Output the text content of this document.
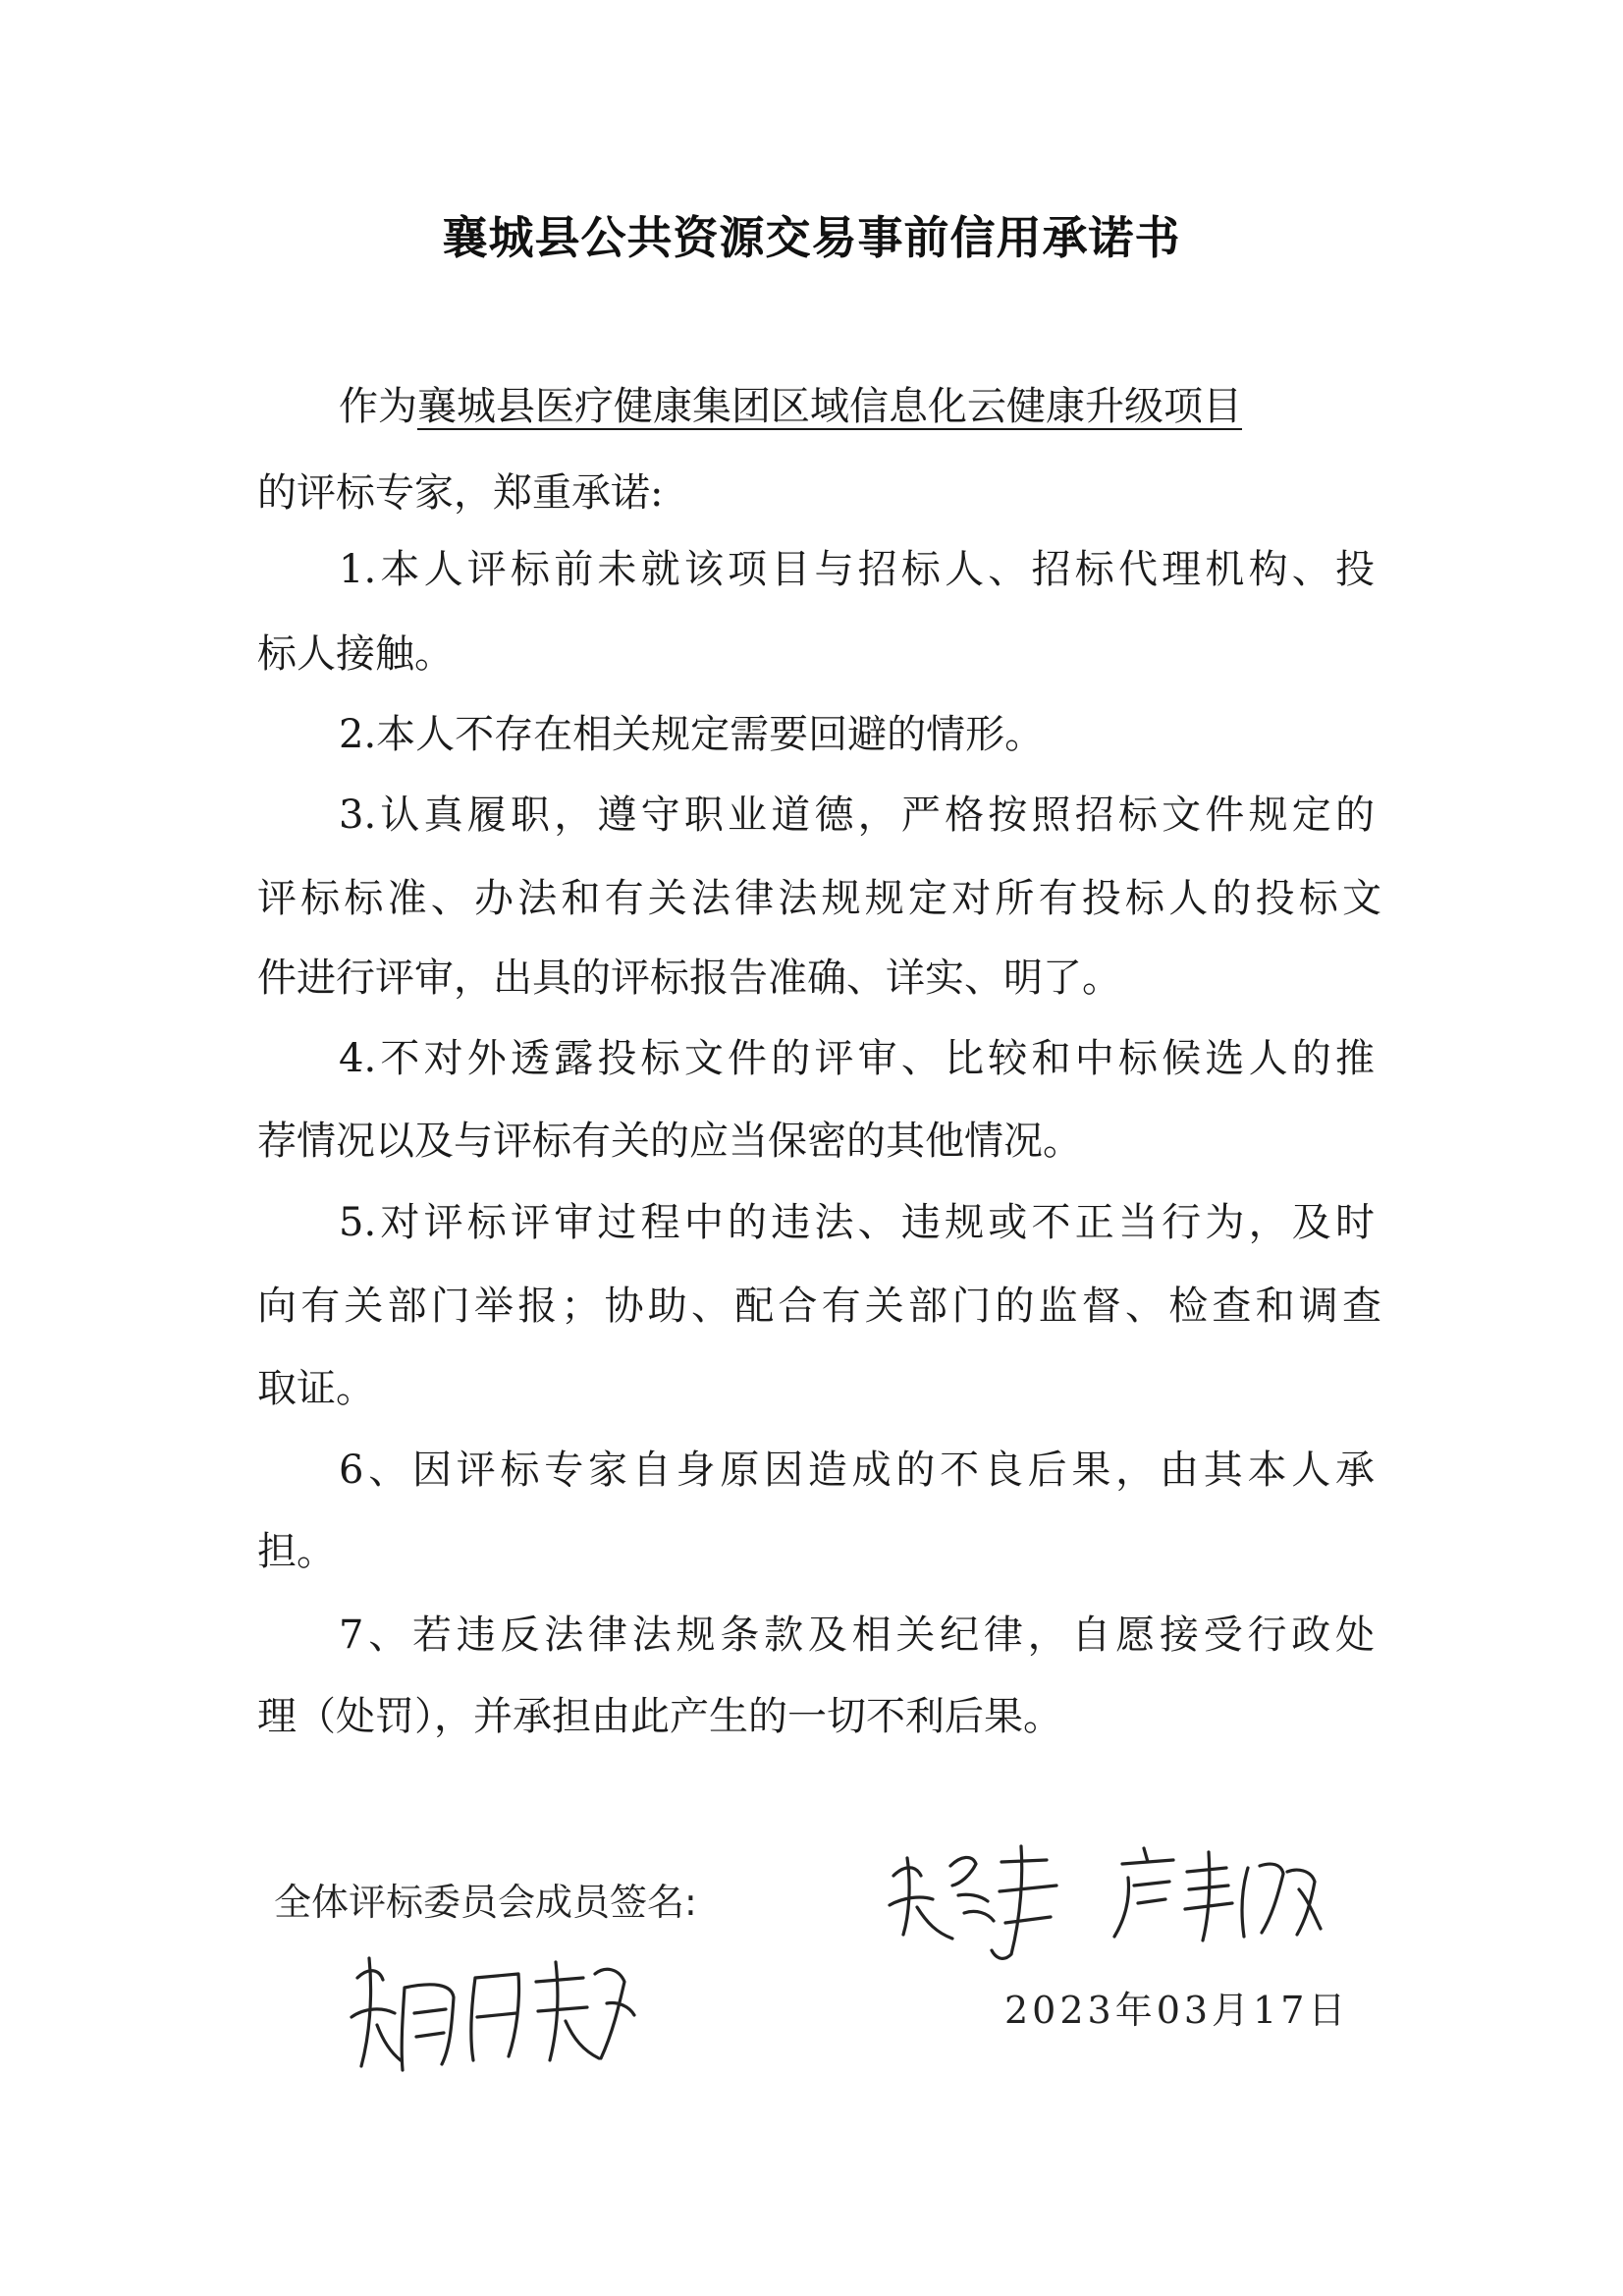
襄城县公共资源交易事前信用承诺书
作为襄城县医疗健康集团区域信息化云健康升级项目
的评标专家，郑重承诺:
1.本人评标前未就该项目与招标人、招标代理机构、投
标人接触。
2.本人不存在相关规定需要回避的情形。
3.认真履职，遵守职业道德，严格按照招标文件规定的
评标标准、办法和有关法律法规规定对所有投标人的投标文
件进行评审，出具的评标报告准确、详实、明了。
4.不对外透露投标文件的评审、比较和中标候选人的推
荐情况以及与评标有关的应当保密的其他情况。
5.对评标评审过程中的违法、违规或不正当行为，及时
向有关部门举报；协助、配合有关部门的监督、检查和调查
取证。
6、因评标专家自身原因造成的不良后果，由其本人承
担。
7、若违反法律法规条款及相关纪律，自愿接受行政处
理（处罚），并承担由此产生的一切不利后果。
全体评标委员会成员签名:
2023年03月17日
